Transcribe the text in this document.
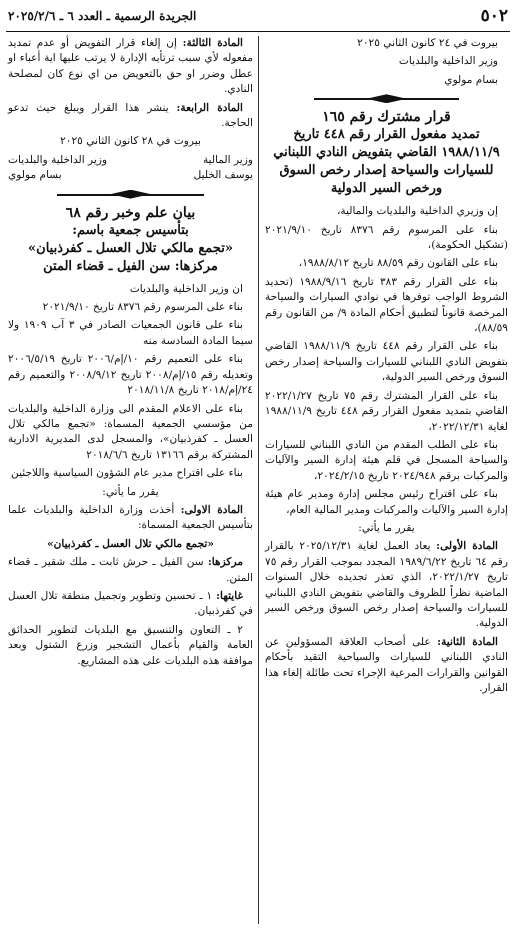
٥٠٢
الجريدة الرسمية ـ العدد ٦ ـ ٢٠٢٥/٢/٦

بيروت في ٢٤ كانون الثاني ٢٠٢٥

وزير الداخلية والبلديات

بسام مولوي

قرار مشترك رقم ١٦٥

تمديد مفعول القرار رقم ٤٤٨ تاريخ ١٩٨٨/١١/٩ القاضي بتفويض النادي اللبناني للسيارات والسياحة إصدار رخص السوق ورخص السير الدولية

إن وزيري الداخلية والبلديات والمالية،

بناء على المرسوم رقم ٨٣٧٦ تاريخ ٢٠٢١/٩/١٠ (تشكيل الحكومة)،

بناء على القانون رقم ٨٨/٥٩ تاريخ ١٩٨٨/٨/١٢،

بناء على القرار رقم ٣٨٣ تاريخ ١٩٨٨/٩/١٦ (تحديد الشروط الواجب توفرها في نوادي السيارات والسياحة المرخصة قانوناً لتطبيق أحكام المادة ٩/ من القانون رقم ٨٨/٥٩)،

بناء على القرار رقم ٤٤٨ تاريخ ١٩٨٨/١١/٩ القاضي بتفويض النادي اللبناني للسيارات والسياحة إصدار رخص السوق ورخص السير الدولية،

بناء على القرار المشترك رقم ٧٥ تاريخ ٢٠٢٢/١/٢٧ القاضي بتمديد مفعول القرار رقم ٤٤٨ تاريخ ١٩٨٨/١١/٩ لغاية ٢٠٢٢/١٢/٣١،

بناء على الطلب المقدم من النادي اللبناني للسيارات والسياحة المسجل في قلم هيئة إدارة السير والآليات والمركبات برقم ٢٠٢٤/٩٤٨ تاريخ ٢٠٢٤/٢/١٥،

بناء على اقتراح رئيس مجلس إدارة ومدير عام هيئة إدارة السير والآليات والمركبات ومدير المالية العام،

يقرر ما يأتي:

المادة الأولى: يعاد العمل لغاية ٢٠٢٥/١٢/٣١ بالقرار رقم ٦٤ تاريخ ١٩٨٩/٦/٢٢ المجدد بموجب القرار رقم ٧٥ تاريخ ٢٠٢٢/١/٢٧، الذي تعذر تجديده خلال السنوات الماضية نظراً للظروف والقاضي بتفويض النادي اللبناني للسيارات والسياحة إصدار رخص السوق ورخص السير الدولية.

المادة الثانية: على أصحاب العلاقة المسؤولين عن النادي اللبناني للسيارات والسياحية التقيد بأحكام القوانين والقرارات المرعية الإجراء تحت طائلة إلغاء هذا القرار.

المادة الثالثة: إن إلغاء قرار التفويض أو عدم تمديد مفعوله لأي سبب ترتأيه الإدارة لا يرتب عليها اية أعباء او عطل وضرر او حق بالتعويض من اي نوع كان لمصلحة النادي.

المادة الرابعة: ينشر هذا القرار ويبلغ حيث تدعو الحاجة.

بيروت في ٢٨ كانون الثاني ٢٠٢٥

وزير المالية
وزير الداخلية والبلديات
يوسف الخليل
بسام مولوي

بيان علم وخبر رقم ٦٨

بتأسيس جمعية باسم:

«تجمع مالكي تلال العسل ـ كفرذبيان»

مركزها: سن الفيل ـ قضاء المتن

ان وزير الداخلية والبلديات

بناء على المرسوم رقم ٨٣٧٦ تاريخ ٢٠٢١/٩/١٠

بناء على قانون الجمعيات الصادر في ٣ آب ١٩٠٩ ولا سيما المادة السادسة منه

بناء على التعميم رقم ١٠/إم/٢٠٠٦ تاريخ ٢٠٠٦/٥/١٩ وتعديله رقم ١٥/إم/٢٠٠٨ تاريخ ٢٠٠٨/٩/١٢ والتعميم رقم ٢٤/إم/٢٠١٨ تاريخ ٢٠١٨/١١/٨

بناء على الاعلام المقدم الى وزارة الداخلية والبلديات من مؤسسي الجمعية المسماة: «تجمع مالكي تلال العسل ـ كفرذبيان»، والمسجل لدى المديرية الادارية المشتركة برقم ١٣١٦٦ تاريخ ٢٠١٨/٦/٦

بناء على اقتراح مدير عام الشؤون السياسية واللاجئين

يقرر ما يأتي:

المادة الاولى: أخذت وزارة الداخلية والبلديات علما بتأسيس الجمعية المسماة:

«تجمع مالكي تلال العسل ـ كفرذبيان»

مركزها: سن الفيل ـ حرش ثابت ـ ملك شقير ـ قضاء المتن.

غايتها: ١ ـ تحسين وتطوير وتجميل منطقة تلال العسل في كفرذبيان.

٢ ـ التعاون والتنسيق مع البلديات لتطوير الحدائق العامة والقيام بأعمال التشجير وزرع الشتول وبعد موافقة هذه البلديات على هذه المشاريع.
